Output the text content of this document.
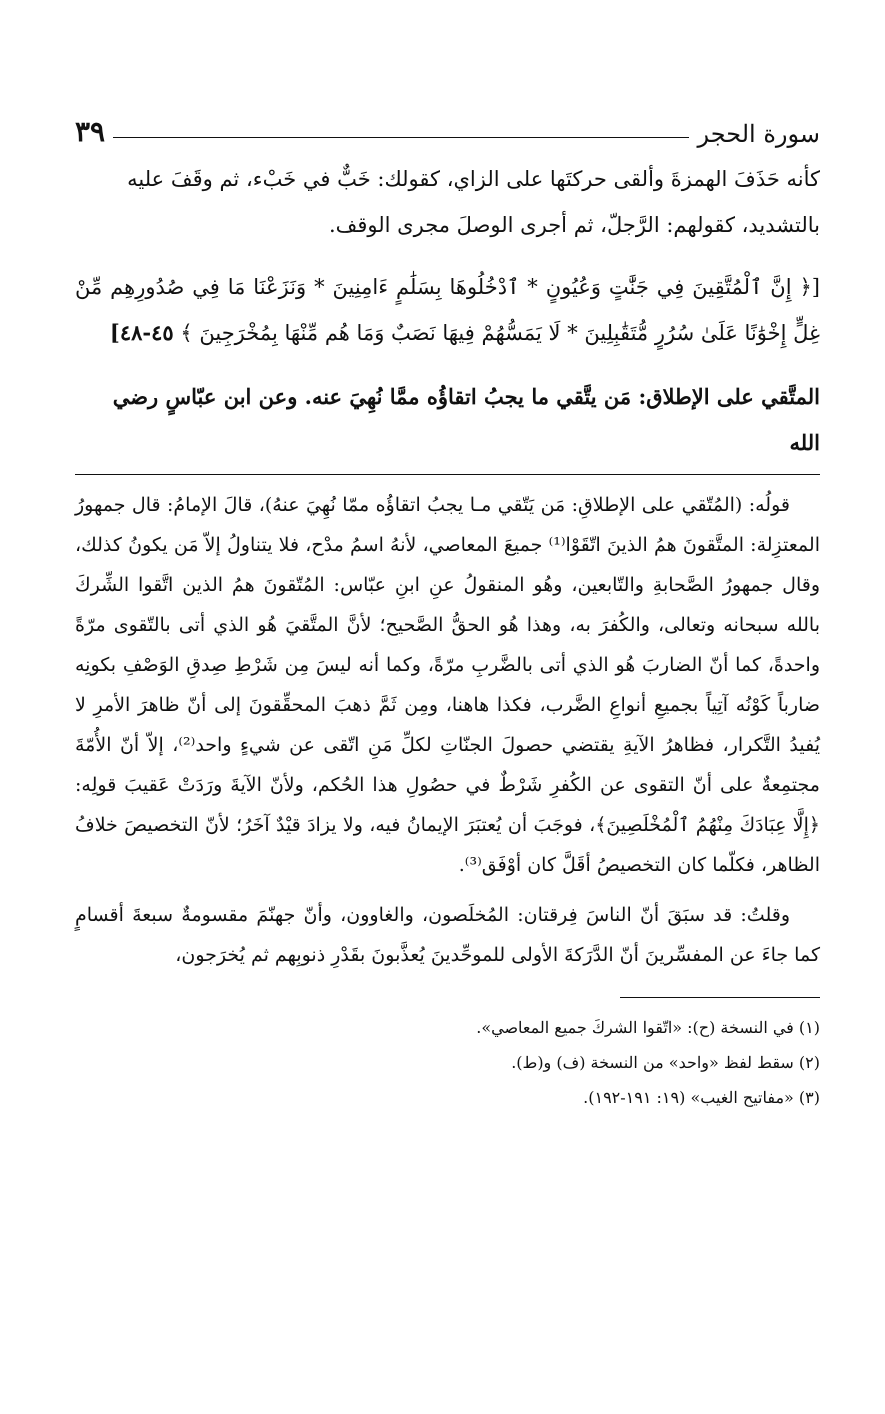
سورة الحجر
٣٩

كأنه حَذَفَ الهمزةَ وألقى حركتَها على الزاي، كقولك: خَبٌّ في خَبْء، ثم وقَفَ عليه

بالتشديد، كقولهم: الرَّجلّ، ثم أجرى الوصلَ مجرى الوقف.

[﴿ إِنَّ ٱلْمُتَّقِينَ فِي جَنَّٰتٍ وَعُيُونٍ * ٱدْخُلُوهَا بِسَلَٰمٍ ءَامِنِينَ * وَنَزَعْنَا مَا فِي صُدُورِهِم مِّنْ غِلٍّ إِخْوَٰنًا عَلَىٰ سُرُرٍ مُّتَقَٰبِلِينَ * لَا يَمَسُّهُمْ فِيهَا نَصَبٌ وَمَا هُم مِّنْهَا بِمُخْرَجِينَ ﴾ ٤٥-٤٨]
المتَّقي على الإطلاق: مَن يتَّقي ما يجبُ اتقاؤُه ممَّا نُهِيَ عنه. وعن ابن عبّاسٍ رضي الله

قولُه: (المُتّقي على الإطلاقِ: مَن يَتّقي مـا يجبُ اتقاؤُه ممّا نُهِيَ عنهُ)، قالَ الإمامُ: قال جمهورُ المعتزِلة: المتَّقونَ همُ الذينَ اتّقَوْا⁽¹⁾ جميعَ المعاصي، لأنهُ اسمُ مدْح، فلا يتناولُ إلاّ مَن يكونُ كذلك، وقال جمهورُ الصَّحابةِ والتّابعين، وهُو المنقولُ عنِ ابنِ عبّاس: المُتّقونَ همُ الذين اتَّقوا الشِّركَ بالله سبحانه وتعالى، والكُفرَ به، وهذا هُو الحقُّ الصَّحيح؛ لأنَّ المتَّقيَ هُو الذي أتى بالتّقوى مرّةً واحدةً، كما أنّ الضاربَ هُو الذي أتى بالضَّربِ مرّةً، وكما أنه ليسَ مِن شَرْطِ صِدقِ الوَصْفِ بكونِه ضارباً كَوْنُه آتِياً بجميعِ أنواعِ الضَّرب، فكذا هاهنا، ومِن ثَمَّ ذهبَ المحقِّقونَ إلى أنّ ظاهرَ الأمرِ لا يُفيدُ التَّكرار، فظاهرُ الآيةِ يقتضي حصولَ الجنّاتِ لكلِّ مَنِ اتّقى عن شيءٍ واحد⁽²⁾، إلاّ أنّ الأُمّةَ مجتمِعةٌ على أنّ التقوى عن الكُفرِ شَرْطٌ في حصُولِ هذا الحُكم، ولأنّ الآيةَ ورَدَتْ عَقيبَ قولِه: ﴿إِلَّا عِبَادَكَ مِنْهُمُ ٱلْمُخْلَصِينَ﴾، فوجَبَ أن يُعتبَرَ الإيمانُ فيه، ولا يزادَ قيْدٌ آخَرُ؛ لأنّ التخصيصَ خلافُ الظاهر، فكلّما كان التخصيصُ أقَلَّ كان أوْفَق⁽³⁾.

وقلتُ: قد سبَقَ أنّ الناسَ فِرقتان: المُخلَصون، والغاوون، وأنّ جهنّمَ مقسومةٌ سبعةَ أقسامٍ كما جاءَ عن المفسِّرينَ أنّ الدَّرَكةَ الأولى للموحِّدينَ يُعذَّبونَ بقَدْرِ ذنوبِهم ثم يُخرَجون،

(١) في النسخة (ح): «اتّقوا الشركَ جميع المعاصي».

(٢) سقط لفظ «واحد» من النسخة (ف) و(ط).

(٣) «مفاتيح الغيب» (١٩: ١٩١-١٩٢).
